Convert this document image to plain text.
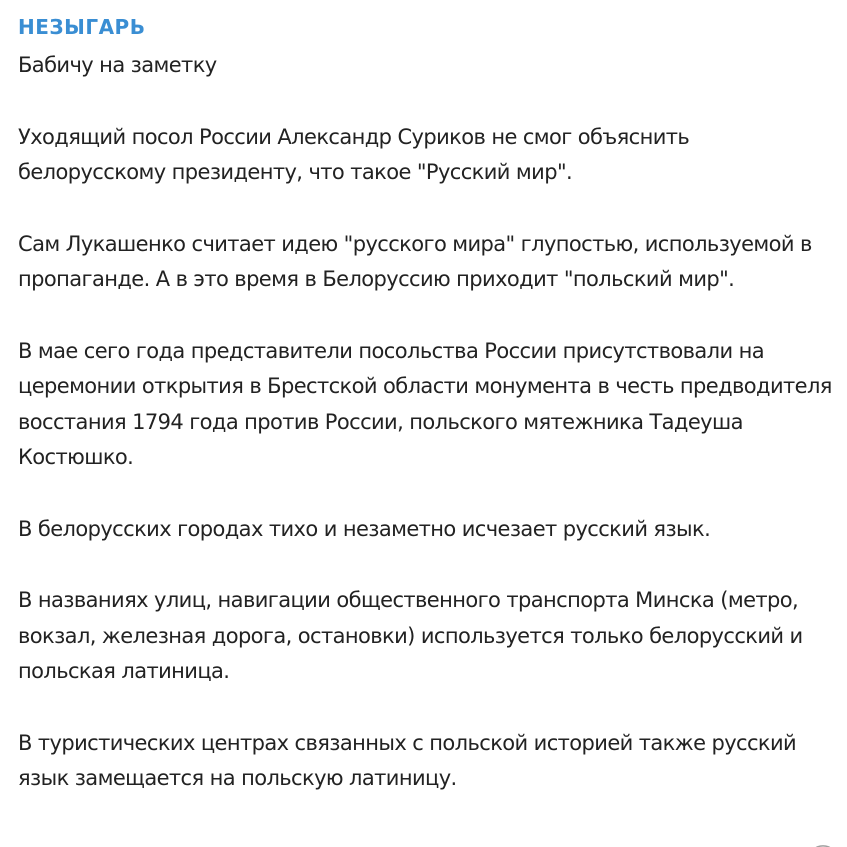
НЕЗЫГАРЬ

Бабичу на заметку

Уходящий посол России Александр Суриков не смог объяснить белорусскому президенту, что такое "Русский мир".

Сам Лукашенко считает идею "русского мира" глупостью, используемой в пропаганде. А в это время в Белоруссию приходит "польский мир".

В мае сего года представители посольства России присутствовали на церемонии открытия в Брестской области монумента в честь предводителя восстания 1794 года против России, польского мятежника Тадеуша Костюшко.

В белорусских городах тихо и незаметно исчезает русский язык.

В названиях улиц, навигации общественного транспорта Минска (метро, вокзал, железная дорога, остановки) используется только белорусский и польская латиница.

В туристических центрах связанных с польской историей также русский язык замещается на польскую латиницу.
